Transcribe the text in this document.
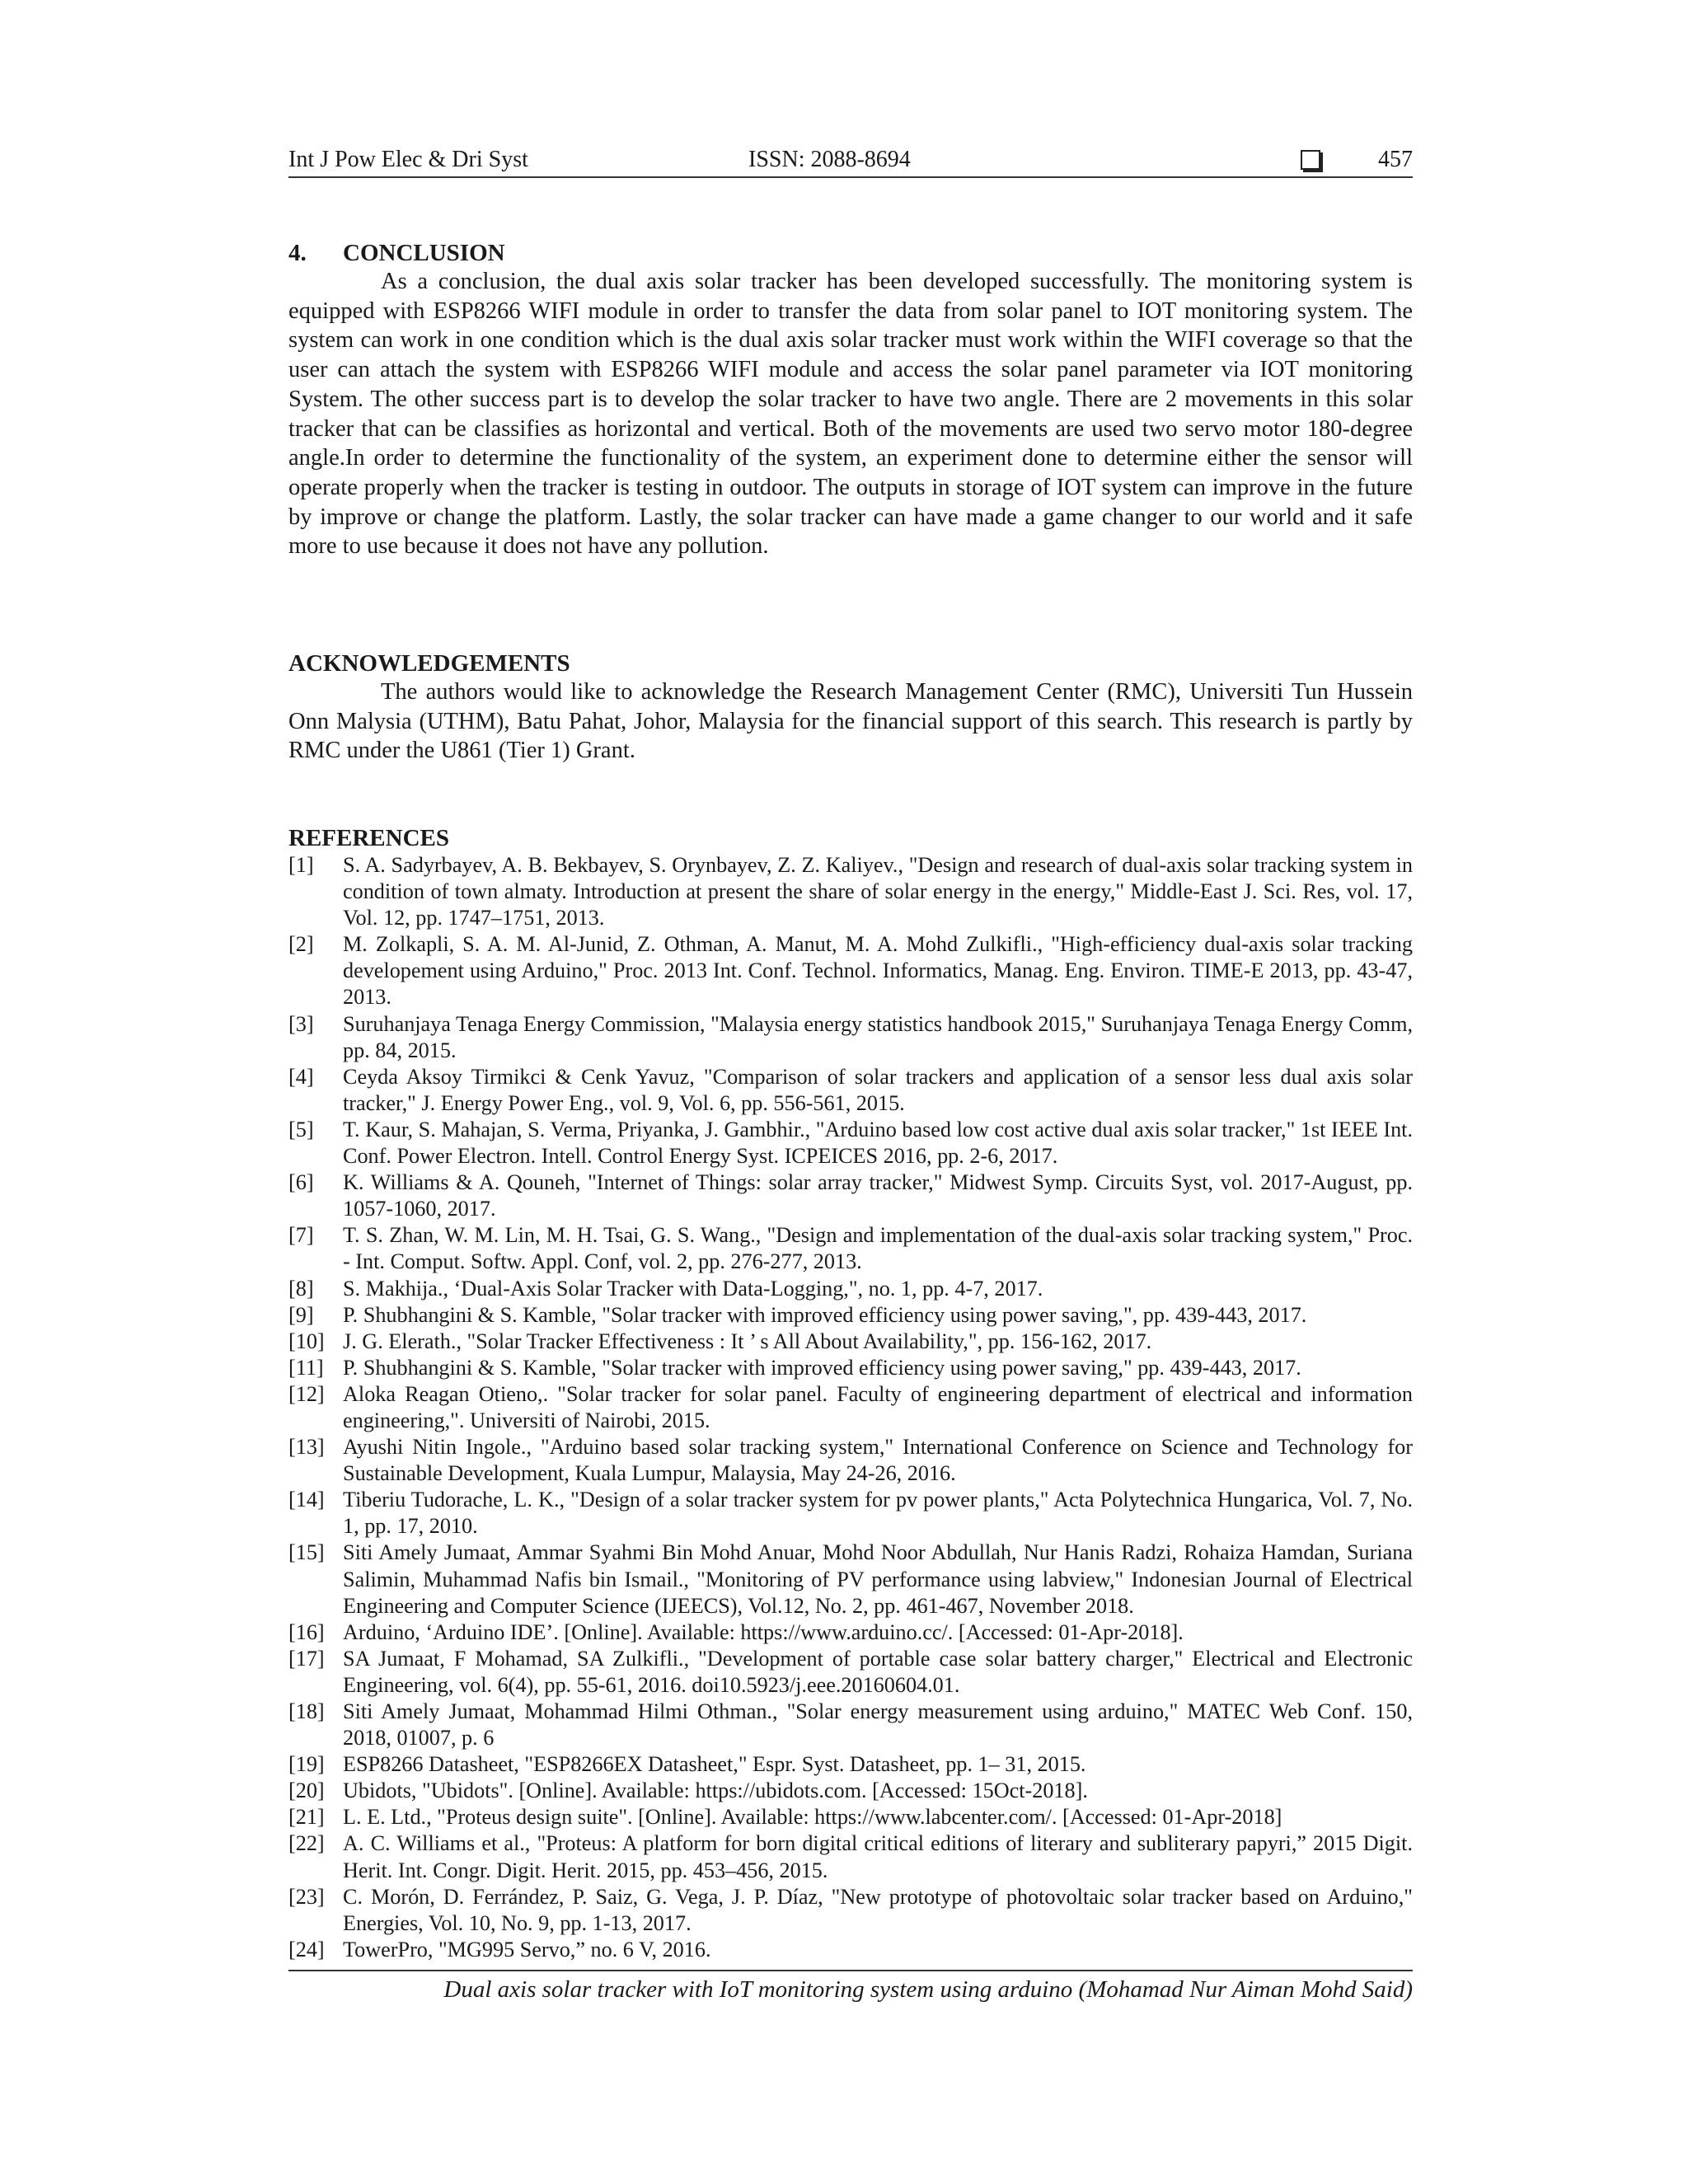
Int J Pow Elec & Dri Syst	ISSN: 2088-8694	457

4. CONCLUSION

As a conclusion, the dual axis solar tracker has been developed successfully. The monitoring system is equipped with ESP8266 WIFI module in order to transfer the data from solar panel to IOT monitoring system. The system can work in one condition which is the dual axis solar tracker must work within the WIFI coverage so that the user can attach the system with ESP8266 WIFI module and access the solar panel parameter via IOT monitoring System. The other success part is to develop the solar tracker to have two angle. There are 2 movements in this solar tracker that can be classifies as horizontal and vertical. Both of the movements are used two servo motor 180-degree angle.In order to determine the functionality of the system, an experiment done to determine either the sensor will operate properly when the tracker is testing in outdoor. The outputs in storage of IOT system can improve in the future by improve or change the platform. Lastly, the solar tracker can have made a game changer to our world and it safe more to use because it does not have any pollution.

ACKNOWLEDGEMENTS

The authors would like to acknowledge the Research Management Center (RMC), Universiti Tun Hussein Onn Malysia (UTHM), Batu Pahat, Johor, Malaysia for the financial support of this search. This research is partly by RMC under the U861 (Tier 1) Grant.

REFERENCES

[1] S. A. Sadyrbayev, A. B. Bekbayev, S. Orynbayev, Z. Z. Kaliyev., "Design and research of dual-axis solar tracking system in condition of town almaty. Introduction at present the share of solar energy in the energy," Middle-East J. Sci. Res, vol. 17, Vol. 12, pp. 1747–1751, 2013.
[2] M. Zolkapli, S. A. M. Al-Junid, Z. Othman, A. Manut, M. A. Mohd Zulkifli., "High-efficiency dual-axis solar tracking developement using Arduino," Proc. 2013 Int. Conf. Technol. Informatics, Manag. Eng. Environ. TIME-E 2013, pp. 43-47, 2013.
[3] Suruhanjaya Tenaga Energy Commission, "Malaysia energy statistics handbook 2015," Suruhanjaya Tenaga Energy Comm, pp. 84, 2015.
[4] Ceyda Aksoy Tirmikci & Cenk Yavuz, "Comparison of solar trackers and application of a sensor less dual axis solar tracker," J. Energy Power Eng., vol. 9, Vol. 6, pp. 556-561, 2015.
[5] T. Kaur, S. Mahajan, S. Verma, Priyanka, J. Gambhir., "Arduino based low cost active dual axis solar tracker," 1st IEEE Int. Conf. Power Electron. Intell. Control Energy Syst. ICPEICES 2016, pp. 2-6, 2017.
[6] K. Williams & A. Qouneh, "Internet of Things: solar array tracker," Midwest Symp. Circuits Syst, vol. 2017-August, pp. 1057-1060, 2017.
[7] T. S. Zhan, W. M. Lin, M. H. Tsai, G. S. Wang., "Design and implementation of the dual-axis solar tracking system," Proc. - Int. Comput. Softw. Appl. Conf, vol. 2, pp. 276-277, 2013.
[8] S. Makhija., ‘Dual-Axis Solar Tracker with Data-Logging,", no. 1, pp. 4-7, 2017.
[9] P. Shubhangini & S. Kamble, "Solar tracker with improved efficiency using power saving,", pp. 439-443, 2017.
[10] J. G. Elerath., "Solar Tracker Effectiveness : It ’ s All About Availability,", pp. 156-162, 2017.
[11] P. Shubhangini & S. Kamble, "Solar tracker with improved efficiency using power saving," pp. 439-443, 2017.
[12] Aloka Reagan Otieno,. "Solar tracker for solar panel. Faculty of engineering department of electrical and information engineering,". Universiti of Nairobi, 2015.
[13] Ayushi Nitin Ingole., "Arduino based solar tracking system," International Conference on Science and Technology for Sustainable Development, Kuala Lumpur, Malaysia, May 24-26, 2016.
[14] Tiberiu Tudorache, L. K., "Design of a solar tracker system for pv power plants," Acta Polytechnica Hungarica, Vol. 7, No. 1, pp. 17, 2010.
[15] Siti Amely Jumaat, Ammar Syahmi Bin Mohd Anuar, Mohd Noor Abdullah, Nur Hanis Radzi, Rohaiza Hamdan, Suriana Salimin, Muhammad Nafis bin Ismail., "Monitoring of PV performance using labview," Indonesian Journal of Electrical Engineering and Computer Science (IJEECS), Vol.12, No. 2, pp. 461-467, November 2018.
[16] Arduino, ‘Arduino IDE’. [Online]. Available: https://www.arduino.cc/. [Accessed: 01-Apr-2018].
[17] SA Jumaat, F Mohamad, SA Zulkifli., "Development of portable case solar battery charger," Electrical and Electronic Engineering, vol. 6(4), pp. 55-61, 2016. doi10.5923/j.eee.20160604.01.
[18] Siti Amely Jumaat, Mohammad Hilmi Othman., "Solar energy measurement using arduino," MATEC Web Conf. 150, 2018, 01007, p. 6
[19] ESP8266 Datasheet, "ESP8266EX Datasheet," Espr. Syst. Datasheet, pp. 1– 31, 2015.
[20] Ubidots, "Ubidots". [Online]. Available: https://ubidots.com. [Accessed: 15Oct-2018].
[21] L. E. Ltd., "Proteus design suite". [Online]. Available: https://www.labcenter.com/. [Accessed: 01-Apr-2018]
[22] A. C. Williams et al., "Proteus: A platform for born digital critical editions of literary and subliterary papyri,” 2015 Digit. Herit. Int. Congr. Digit. Herit. 2015, pp. 453–456, 2015.
[23] C. Morón, D. Ferrández, P. Saiz, G. Vega, J. P. Díaz, "New prototype of photovoltaic solar tracker based on Arduino," Energies, Vol. 10, No. 9, pp. 1-13, 2017.
[24] TowerPro, "MG995 Servo,” no. 6 V, 2016.
Dual axis solar tracker with IoT monitoring system using arduino (Mohamad Nur Aiman Mohd Said)
